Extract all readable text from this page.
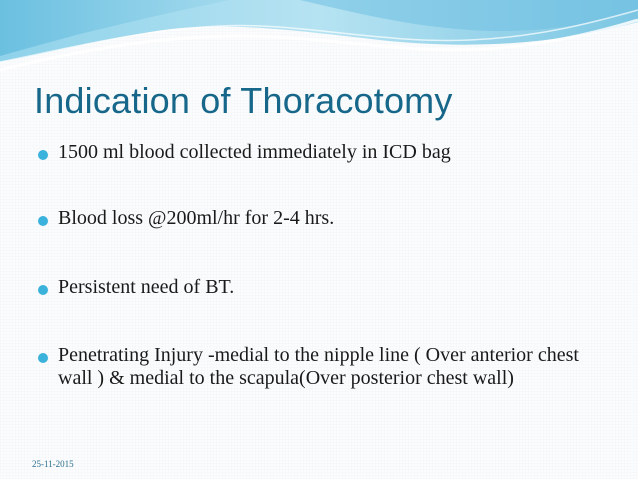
Indication of Thoracotomy
1500 ml blood collected immediately in ICD bag
Blood loss @200ml/hr for 2-4 hrs.
Persistent need of BT.
Penetrating Injury -medial to the nipple line ( Over anterior chest wall ) & medial to the scapula(Over posterior chest wall)
25-11-2015
